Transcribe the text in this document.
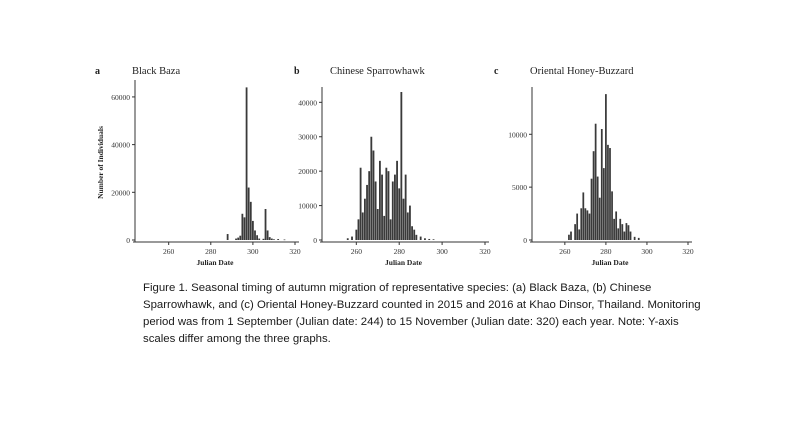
a	Black Baza
0
20000
40000
60000
260	280	300	320
Julian Date
Number of Individuals
b	Chinese Sparrowhawk
0
10000
20000
30000
40000
260	280	300	320
Julian Date
c	Oriental Honey-Buzzard
0
5000
10000
260	280	300	320
Julian Date

Figure 1. Seasonal timing of autumn migration of representative species: (a) Black Baza, (b) Chinese Sparrowhawk, and (c) Oriental Honey-Buzzard counted in 2015 and 2016 at Khao Dinsor, Thailand. Monitoring period was from 1 September (Julian date: 244) to 15 November (Julian date: 320) each year. Note: Y-axis scales differ among the three graphs.
